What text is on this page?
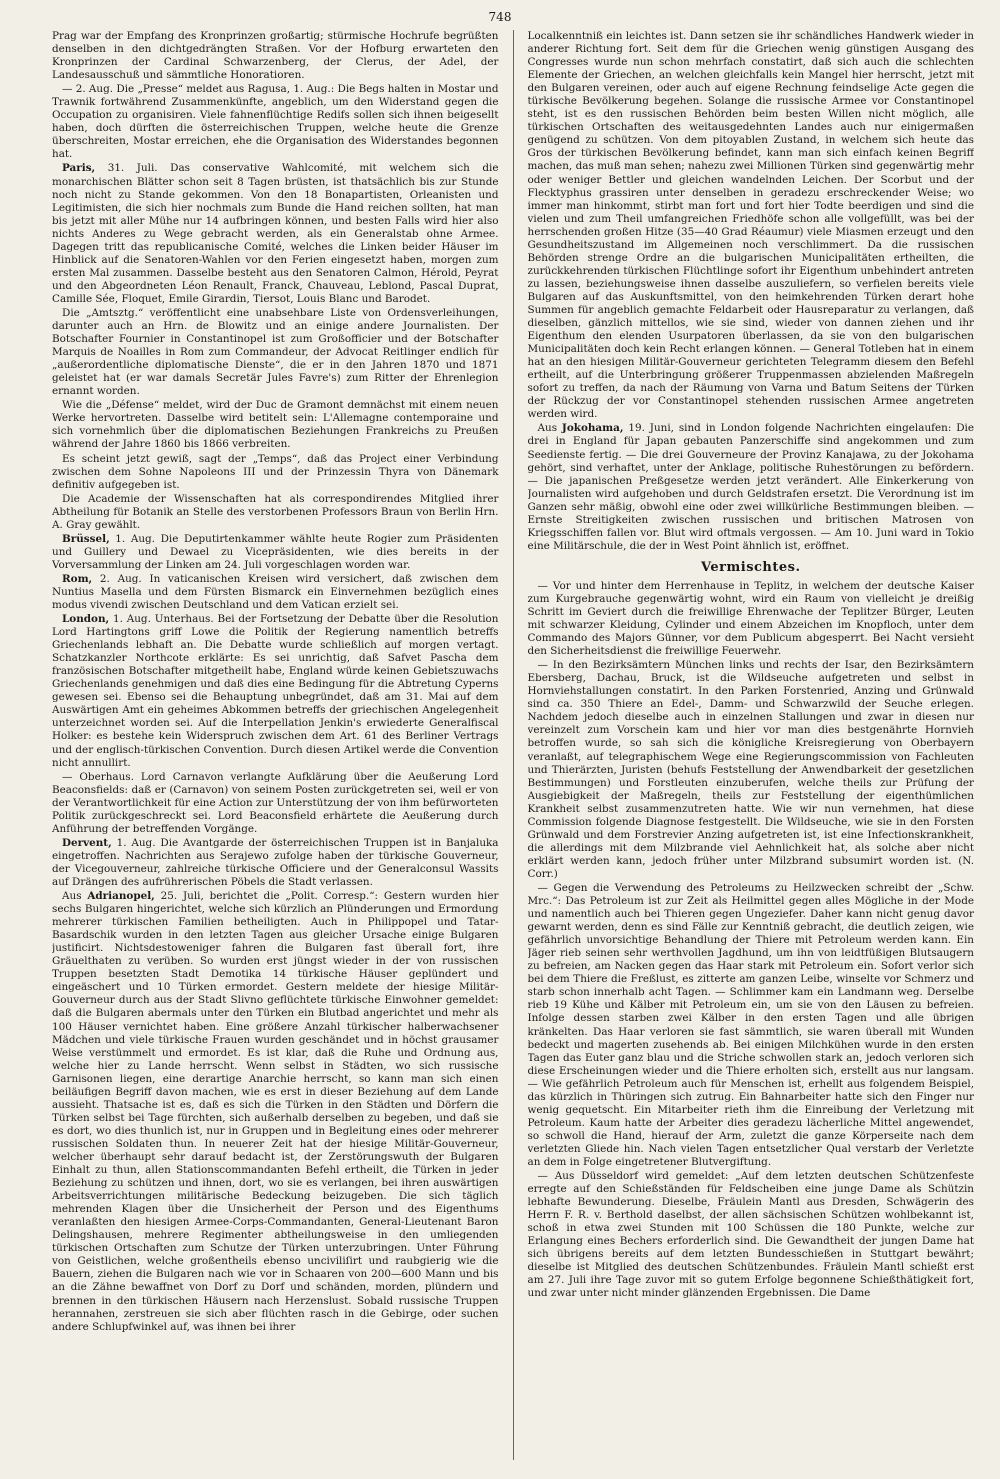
748

Prag war der Empfang des Kronprinzen großartig; stürmische Hochrufe begrüßten denselben in den dichtgedrängten Straßen. Vor der Hofburg erwarteten den Kronprinzen der Cardinal Schwarzenberg, der Clerus, der Adel, der Landesausschuß und sämmtliche Honoratioren.

— 2. Aug. Die „Presse“ meldet aus Ragusa, 1. Aug.: Die Begs halten in Mostar und Trawnik fortwährend Zusammenkünfte, angeblich, um den Widerstand gegen die Occupation zu organisiren. Viele fahnenflüchtige Redifs sollen sich ihnen beigesellt haben, doch dürften die österreichischen Truppen, welche heute die Grenze überschreiten, Mostar erreichen, ehe die Organisation des Widerstandes begonnen hat.

Paris, 31. Juli. Das conservative Wahlcomité, mit welchem sich die monarchischen Blätter schon seit 8 Tagen brüsten, ist thatsächlich bis zur Stunde noch nicht zu Stande gekommen. Von den 18 Bonapartisten, Orleanisten und Legitimisten, die sich hier nochmals zum Bunde die Hand reichen sollten, hat man bis jetzt mit aller Mühe nur 14 aufbringen können, und besten Falls wird hier also nichts Anderes zu Wege gebracht werden, als ein Generalstab ohne Armee. Dagegen tritt das republicanische Comité, welches die Linken beider Häuser im Hinblick auf die Senatoren-Wahlen vor den Ferien eingesetzt haben, morgen zum ersten Mal zusammen. Dasselbe besteht aus den Senatoren Calmon, Hérold, Peyrat und den Abgeordneten Léon Renault, Franck, Chauveau, Leblond, Pascal Duprat, Camille Sée, Floquet, Emile Girardin, Tiersot, Louis Blanc und Barodet.

Die „Amtsztg.“ veröffentlicht eine unabsehbare Liste von Ordensverleihungen, darunter auch an Hrn. de Blowitz und an einige andere Journalisten. Der Botschafter Fournier in Constantinopel ist zum Großofficier und der Botschafter Marquis de Noailles in Rom zum Commandeur, der Advocat Reitlinger endlich für „außerordentliche diplomatische Dienste“, die er in den Jahren 1870 und 1871 geleistet hat (er war damals Secretär Jules Favre's) zum Ritter der Ehrenlegion ernannt worden.

Wie die „Défense“ meldet, wird der Duc de Gramont demnächst mit einem neuen Werke hervortreten. Dasselbe wird betitelt sein: L'Allemagne contemporaine und sich vornehmlich über die diplomatischen Beziehungen Frankreichs zu Preußen während der Jahre 1860 bis 1866 verbreiten.

Es scheint jetzt gewiß, sagt der „Temps“, daß das Project einer Verbindung zwischen dem Sohne Napoleons III und der Prinzessin Thyra von Dänemark definitiv aufgegeben ist.

Die Academie der Wissenschaften hat als correspondirendes Mitglied ihrer Abtheilung für Botanik an Stelle des verstorbenen Professors Braun von Berlin Hrn. A. Gray gewählt.

Brüssel, 1. Aug. Die Deputirtenkammer wählte heute Rogier zum Präsidenten und Guillery und Dewael zu Vicepräsidenten, wie dies bereits in der Vorversammlung der Linken am 24. Juli vorgeschlagen worden war.

Rom, 2. Aug. In vaticanischen Kreisen wird versichert, daß zwischen dem Nuntius Masella und dem Fürsten Bismarck ein Einvernehmen bezüglich eines modus vivendi zwischen Deutschland und dem Vatican erzielt sei.

London, 1. Aug. Unterhaus. Bei der Fortsetzung der Debatte über die Resolution Lord Hartingtons griff Lowe die Politik der Regierung namentlich betreffs Griechenlands lebhaft an. Die Debatte wurde schließlich auf morgen vertagt. Schatzkanzler Northcote erklärte: Es sei unrichtig, daß Safvet Pascha dem französischen Botschafter mitgetheilt habe, England würde keinen Gebietszuwachs Griechenlands genehmigen und daß dies eine Bedingung für die Abtretung Cyperns gewesen sei. Ebenso sei die Behauptung unbegründet, daß am 31. Mai auf dem Auswärtigen Amt ein geheimes Abkommen betreffs der griechischen Angelegenheit unterzeichnet worden sei. Auf die Interpellation Jenkin's erwiederte Generalfiscal Holker: es bestehe kein Widerspruch zwischen dem Art. 61 des Berliner Vertrags und der englisch-türkischen Convention. Durch diesen Artikel werde die Convention nicht annullirt.

— Oberhaus. Lord Carnavon verlangte Aufklärung über die Aeußerung Lord Beaconsfields: daß er (Carnavon) von seinem Posten zurückgetreten sei, weil er von der Verantwortlichkeit für eine Action zur Unterstützung der von ihm befürworteten Politik zurückgeschreckt sei. Lord Beaconsfield erhärtete die Aeußerung durch Anführung der betreffenden Vorgänge.

Dervent, 1. Aug. Die Avantgarde der österreichischen Truppen ist in Banjaluka eingetroffen. Nachrichten aus Serajewo zufolge haben der türkische Gouverneur, der Vicegouverneur, zahlreiche türkische Officiere und der Generalconsul Wassits auf Drängen des aufrührerischen Pöbels die Stadt verlassen.

Aus Adrianopel, 25. Juli, berichtet die „Polit. Corresp.“: Gestern wurden hier sechs Bulgaren hingerichtet, welche sich kürzlich an Plünderungen und Ermordung mehrerer türkischen Familien betheiligten. Auch in Philippopel und Tatar-Basardschik wurden in den letzten Tagen aus gleicher Ursache einige Bulgaren justificirt. Nichtsdestoweniger fahren die Bulgaren fast überall fort, ihre Gräuelthaten zu verüben. So wurden erst jüngst wieder in der von russischen Truppen besetzten Stadt Demotika 14 türkische Häuser geplündert und eingeäschert und 10 Türken ermordet. Gestern meldete der hiesige Militär-Gouverneur durch aus der Stadt Slivno geflüchtete türkische Einwohner gemeldet: daß die Bulgaren abermals unter den Türken ein Blutbad angerichtet und mehr als 100 Häuser vernichtet haben. Eine größere Anzahl türkischer halberwachsener Mädchen und viele türkische Frauen wurden geschändet und in höchst grausamer Weise verstümmelt und ermordet. Es ist klar, daß die Ruhe und Ordnung aus, welche hier zu Lande herrscht. Wenn selbst in Städten, wo sich russische Garnisonen liegen, eine derartige Anarchie herrscht, so kann man sich einen beiläufigen Begriff davon machen, wie es erst in dieser Beziehung auf dem Lande aussieht. Thatsache ist es, daß es sich die Türken in den Städten und Dörfern die Türken selbst bei Tage fürchten, sich außerhalb derselben zu begeben, und daß sie es dort, wo dies thunlich ist, nur in Gruppen und in Begleitung eines oder mehrerer russischen Soldaten thun. In neuerer Zeit hat der hiesige Militär-Gouverneur, welcher überhaupt sehr darauf bedacht ist, der Zerstörungswuth der Bulgaren Einhalt zu thun, allen Stationscommandanten Befehl ertheilt, die Türken in jeder Beziehung zu schützen und ihnen, dort, wo sie es verlangen, bei ihren auswärtigen Arbeitsverrichtungen militärische Bedeckung beizugeben. Die sich täglich mehrenden Klagen über die Unsicherheit der Person und des Eigenthums veranlaßten den hiesigen Armee-Corps-Commandanten, General-Lieutenant Baron Delingshausen, mehrere Regimenter abtheilungsweise in den umliegenden türkischen Ortschaften zum Schutze der Türken unterzubringen. Unter Führung von Geistlichen, welche großentheils ebenso unciviliſirt und raubgierig wie die Bauern, ziehen die Bulgaren nach wie vor in Schaaren von 200—600 Mann und bis an die Zähne bewaffnet von Dorf zu Dorf und schänden, morden, plündern und brennen in den türkischen Häusern nach Herzenslust. Sobald russische Truppen herannahen, zerstreuen sie sich aber flüchten rasch in die Gebirge, oder suchen andere Schlupfwinkel auf, was ihnen bei ihrer

Localkenntniß ein leichtes ist. Dann setzen sie ihr schändliches Handwerk wieder in anderer Richtung fort. Seit dem für die Griechen wenig günstigen Ausgang des Congresses wurde nun schon mehrfach constatirt, daß sich auch die schlechten Elemente der Griechen, an welchen gleichfalls kein Mangel hier herrscht, jetzt mit den Bulgaren vereinen, oder auch auf eigene Rechnung feindselige Acte gegen die türkische Bevölkerung begehen. Solange die russische Armee vor Constantinopel steht, ist es den russischen Behörden beim besten Willen nicht möglich, alle türkischen Ortschaften des weitausgedehnten Landes auch nur einigermaßen genügend zu schützen. Von dem pitoyablen Zustand, in welchem sich heute das Gros der türkischen Bevölkerung befindet, kann man sich einfach keinen Begriff machen, das muß man sehen; nahezu zwei Millionen Türken sind gegenwärtig mehr oder weniger Bettler und gleichen wandelnden Leichen. Der Scorbut und der Flecktyphus grassiren unter denselben in geradezu erschreckender Weise; wo immer man hinkommt, stirbt man fort und fort hier Todte beerdigen und sind die vielen und zum Theil umfangreichen Friedhöfe schon alle vollgefüllt, was bei der herrschenden großen Hitze (35—40 Grad Réaumur) viele Miasmen erzeugt und den Gesundheitszustand im Allgemeinen noch verschlimmert. Da die russischen Behörden strenge Ordre an die bulgarischen Municipalitäten ertheilten, die zurückkehrenden türkischen Flüchtlinge sofort ihr Eigenthum unbehindert antreten zu lassen, beziehungsweise ihnen dasselbe auszuliefern, so verfielen bereits viele Bulgaren auf das Auskunftsmittel, von den heimkehrenden Türken derart hohe Summen für angeblich gemachte Feldarbeit oder Hausreparatur zu verlangen, daß dieselben, gänzlich mittellos, wie sie sind, wieder von dannen ziehen und ihr Eigenthum den elenden Usurpatoren überlassen, da sie von den bulgarischen Municipalitäten doch kein Recht erlangen können. — General Totleben hat in einem hat an den hiesigen Militär-Gouverneur gerichteten Telegramm diesem den Befehl ertheilt, auf die Unterbringung größerer Truppenmassen abzielenden Maßregeln sofort zu treffen, da nach der Räumung von Varna und Batum Seitens der Türken der Rückzug der vor Constantinopel stehenden russischen Armee angetreten werden wird.

Aus Jokohama, 19. Juni, sind in London folgende Nachrichten eingelaufen: Die drei in England für Japan gebauten Panzerschiffe sind angekommen und zum Seedienste fertig. — Die drei Gouverneure der Provinz Kanajawa, zu der Jokohama gehört, sind verhaftet, unter der Anklage, politische Ruhestörungen zu befördern. — Die japanischen Preßgesetze werden jetzt verändert. Alle Einkerkerung von Journalisten wird aufgehoben und durch Geldstrafen ersetzt. Die Verordnung ist im Ganzen sehr mäßig, obwohl eine oder zwei willkürliche Bestimmungen bleiben. — Ernste Streitigkeiten zwischen russischen und britischen Matrosen von Kriegsschiffen fallen vor. Blut wird oftmals vergossen. — Am 10. Juni ward in Tokio eine Militärschule, die der in West Point ähnlich ist, eröffnet.

Vermischtes.

— Vor und hinter dem Herrenhause in Teplitz, in welchem der deutsche Kaiser zum Kurgebrauche gegenwärtig wohnt, wird ein Raum von vielleicht je dreißig Schritt im Geviert durch die freiwillige Ehrenwache der Teplitzer Bürger, Leuten mit schwarzer Kleidung, Cylinder und einem Abzeichen im Knopfloch, unter dem Commando des Majors Günner, vor dem Publicum abgesperrt. Bei Nacht versieht den Sicherheitsdienst die freiwillige Feuerwehr.

— In den Bezirksämtern München links und rechts der Isar, den Bezirksämtern Ebersberg, Dachau, Bruck, ist die Wildseuche aufgetreten und selbst in Hornviehstallungen constatirt. In den Parken Forstenried, Anzing und Grünwald sind ca. 350 Thiere an Edel-, Damm- und Schwarzwild der Seuche erlegen. Nachdem jedoch dieselbe auch in einzelnen Stallungen und zwar in diesen nur vereinzelt zum Vorschein kam und hier vor man dies bestgenährte Hornvieh betroffen wurde, so sah sich die königliche Kreisregierung von Oberbayern veranlaßt, auf telegraphischem Wege eine Regierungscommission von Fachleuten und Thierärzten, Juristen (behufs Feststellung der Anwendbarkeit der gesetzlichen Bestimmungen) und Forstleuten einzuberufen, welche theils zur Prüfung der Ausgiebigkeit der Maßregeln, theils zur Feststellung der eigenthümlichen Krankheit selbst zusammenzutreten hatte. Wie wir nun vernehmen, hat diese Commission folgende Diagnose festgestellt. Die Wildseuche, wie sie in den Forsten Grünwald und dem Forstrevier Anzing aufgetreten ist, ist eine Infectionskrankheit, die allerdings mit dem Milzbrande viel Aehnlichkeit hat, als solche aber nicht erklärt werden kann, jedoch früher unter Milzbrand subsumirt worden ist. (N. Corr.)

— Gegen die Verwendung des Petroleums zu Heilzwecken schreibt der „Schw. Mrc.“: Das Petroleum ist zur Zeit als Heilmittel gegen alles Mögliche in der Mode und namentlich auch bei Thieren gegen Ungeziefer. Daher kann nicht genug davor gewarnt werden, denn es sind Fälle zur Kenntniß gebracht, die deutlich zeigen, wie gefährlich unvorsichtige Behandlung der Thiere mit Petroleum werden kann. Ein Jäger rieb seinen sehr werthvollen Jagdhund, um ihn von leidtfüßigen Blutsaugern zu befreien, am Nacken gegen das Haar stark mit Petroleum ein. Sofort verlor sich bei dem Thiere die Freßlust, es zitterte am ganzen Leibe, winselte vor Schmerz und starb schon innerhalb acht Tagen. — Schlimmer kam ein Landmann weg. Derselbe rieb 19 Kühe und Kälber mit Petroleum ein, um sie von den Läusen zu befreien. Infolge dessen starben zwei Kälber in den ersten Tagen und alle übrigen kränkelten. Das Haar verloren sie fast sämmtlich, sie waren überall mit Wunden bedeckt und magerten zusehends ab. Bei einigen Milchkühen wurde in den ersten Tagen das Euter ganz blau und die Striche schwollen stark an, jedoch verloren sich diese Erscheinungen wieder und die Thiere erholten sich, erstellt aus nur langsam. — Wie gefährlich Petroleum auch für Menschen ist, erhellt aus folgendem Beispiel, das kürzlich in Thüringen sich zutrug. Ein Bahnarbeiter hatte sich den Finger nur wenig gequetscht. Ein Mitarbeiter rieth ihm die Einreibung der Verletzung mit Petroleum. Kaum hatte der Arbeiter dies geradezu lächerliche Mittel angewendet, so schwoll die Hand, hierauf der Arm, zuletzt die ganze Körperseite nach dem verletzten Gliede hin. Nach vielen Tagen entsetzlicher Qual verstarb der Verletzte an dem in Folge eingetretener Blutvergiftung.

— Aus Düsseldorf wird gemeldet: „Auf dem letzten deutschen Schützenfeste erregte auf den Schießständen für Feldscheiben eine junge Dame als Schützin lebhafte Bewunderung. Dieselbe, Fräulein Mantl aus Dresden, Schwägerin des Herrn F. R. v. Berthold daselbst, der allen sächsischen Schützen wohlbekannt ist, schoß in etwa zwei Stunden mit 100 Schüssen die 180 Punkte, welche zur Erlangung eines Bechers erforderlich sind. Die Gewandtheit der jungen Dame hat sich übrigens bereits auf dem letzten Bundesschießen in Stuttgart bewährt; dieselbe ist Mitglied des deutschen Schützenbundes. Fräulein Mantl schießt erst am 27. Juli ihre Tage zuvor mit so gutem Erfolge begonnene Schießthätigkeit fort, und zwar unter nicht minder glänzenden Ergebnissen. Die Dame
